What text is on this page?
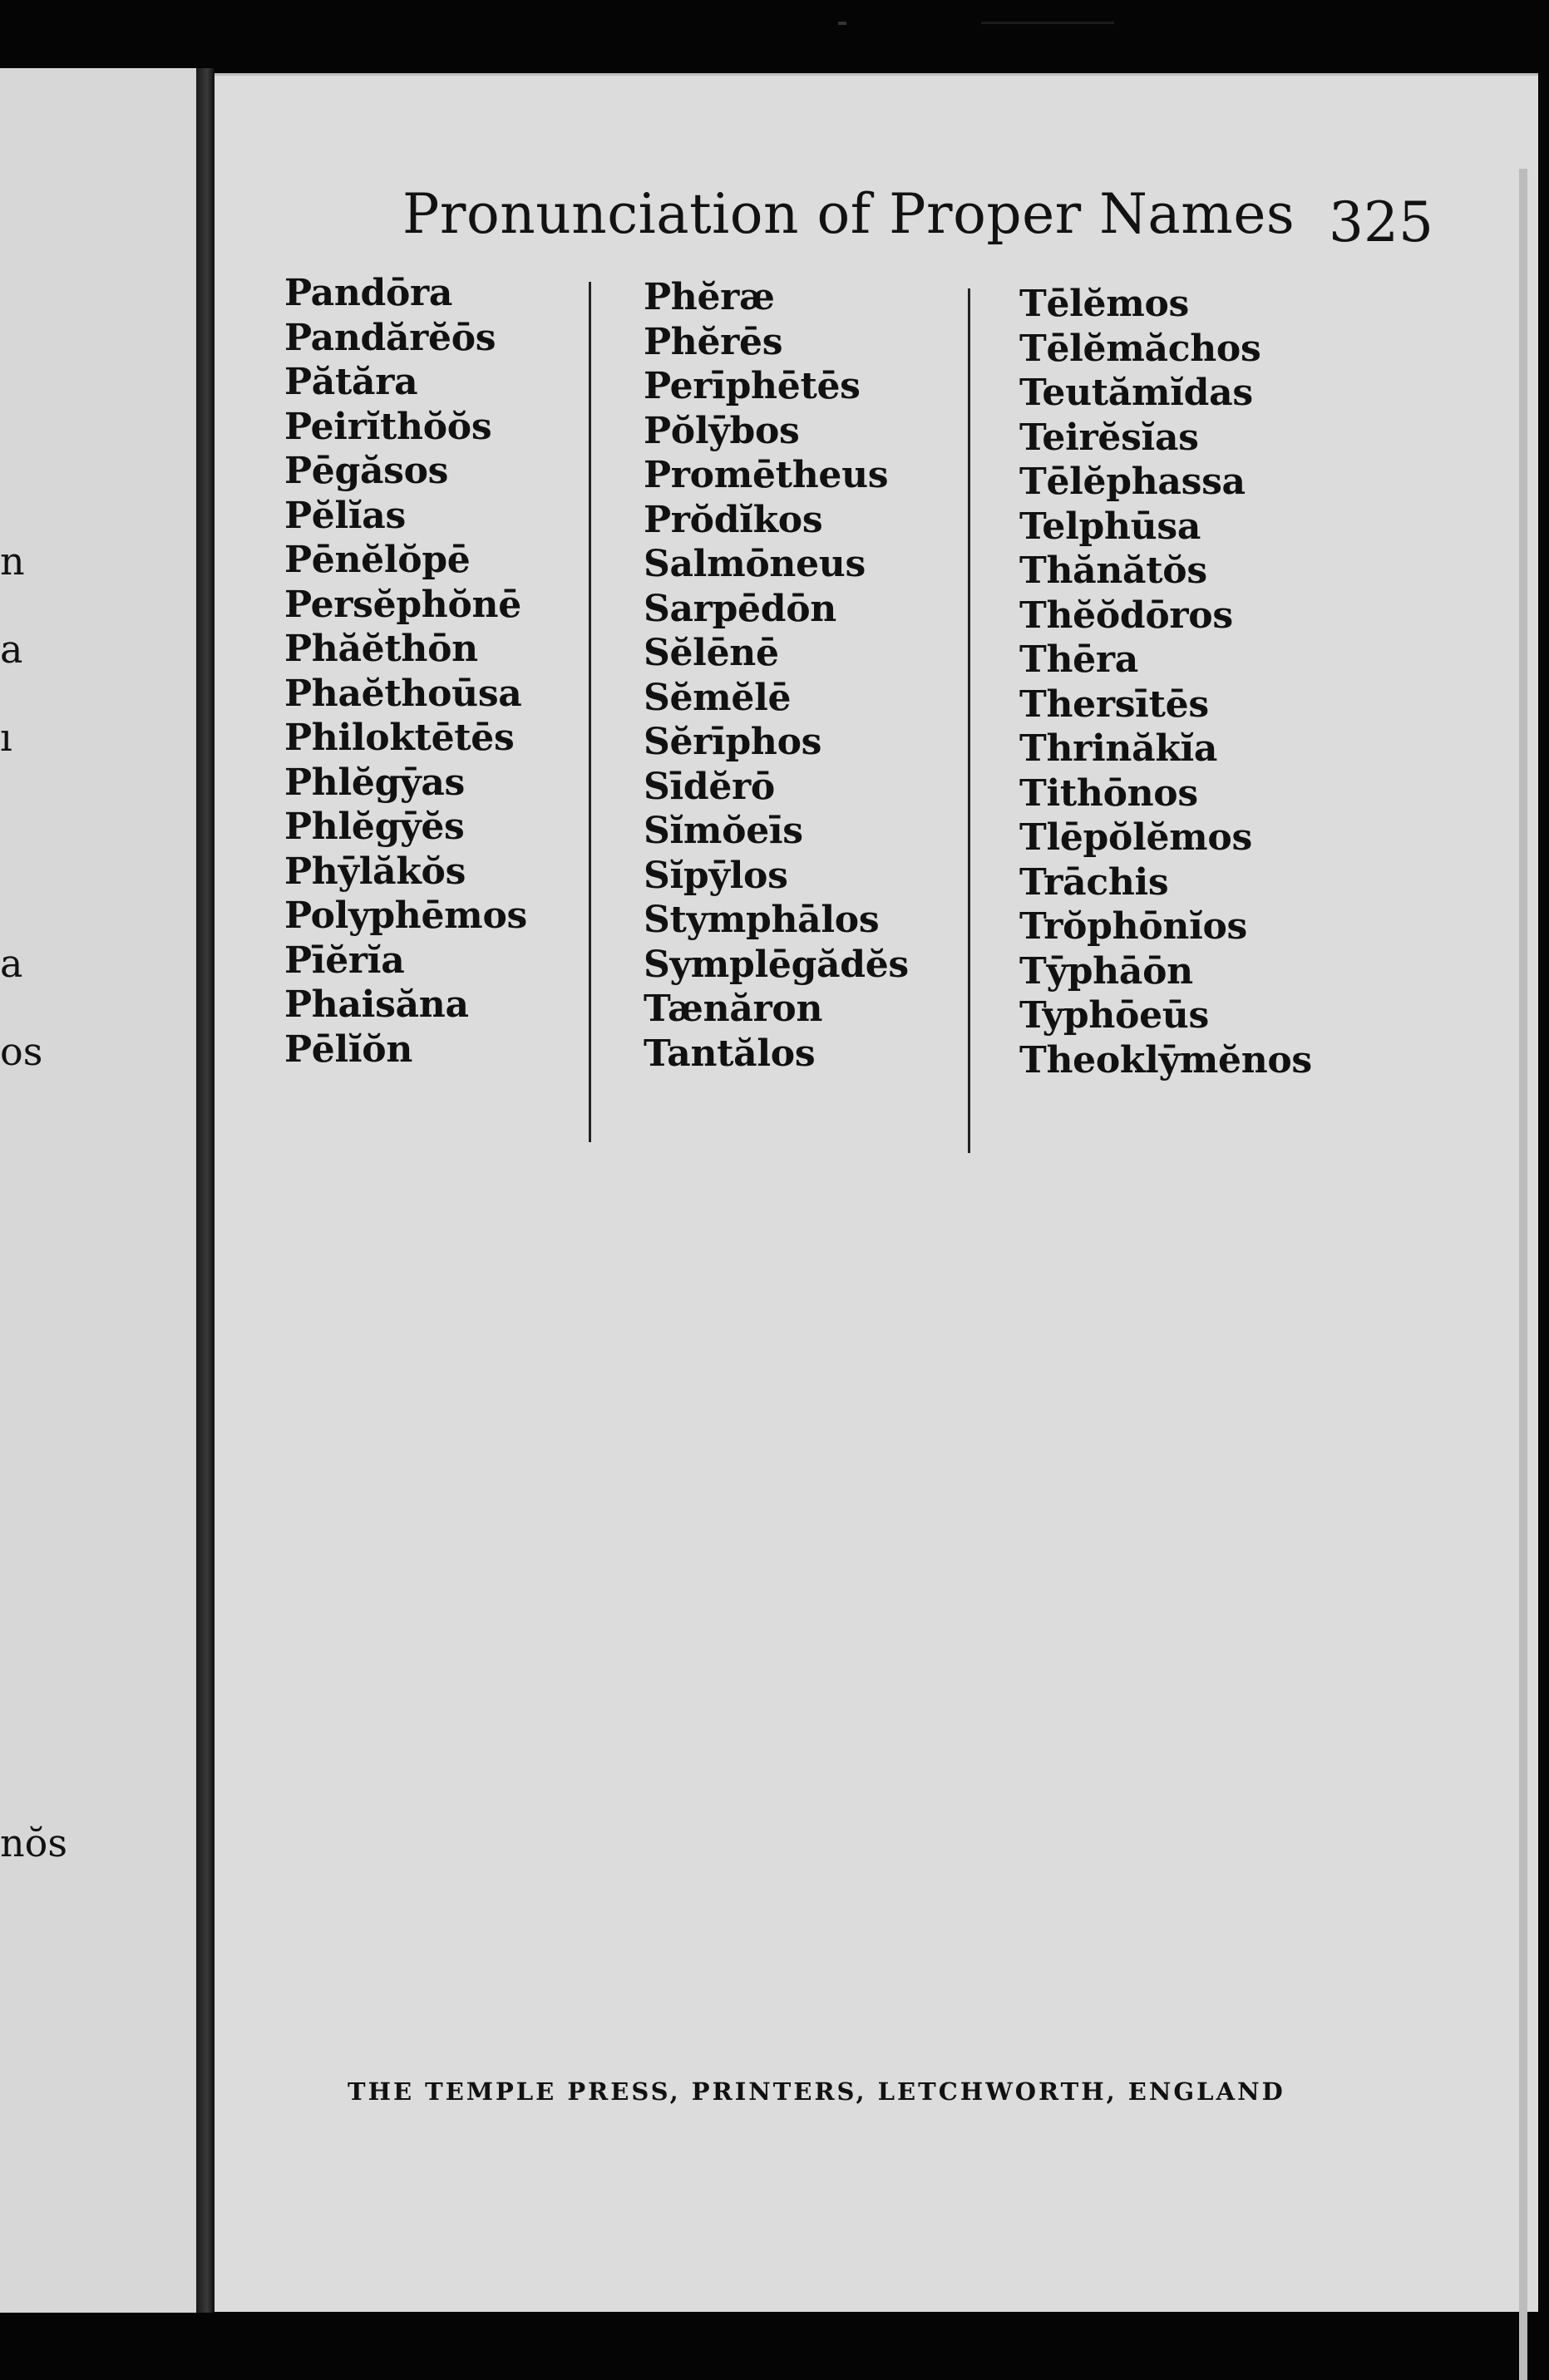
n
a
ı
a
os
nŏs
Pronunciation of Proper Names 325
Pandōra
Pandărĕōs
Pătăra
Peirĭthŏŏs
Pēgăsos
Pĕlĭas
Pēnĕlŏpē
Persĕphŏnē
Phăĕthōn
Phaĕthoūsa
Philoktētēs
Phlĕgȳas
Phlĕgȳĕs
Phȳlăkŏs
Polyphēmos
Pīĕrĭa
Phaisăna
Pēlĭŏn
Phĕræ
Phĕrēs
Perīphētēs
Pŏlȳbos
Promētheus
Prŏdĭkos
Salmōneus
Sarpēdōn
Sĕlēnē
Sĕmĕlē
Sĕrīphos
Sīdĕrō
Sĭmŏeīs
Sĭpȳlos
Stymphālos
Symplēgădĕs
Tænăron
Tantălos
Tēlĕmos
Tēlĕmăchos
Teutămĭdas
Teirĕsĭas
Tēlĕphassa
Telphūsa
Thănătŏs
Thĕŏdōros
Thēra
Thersītēs
Thrinăkĭa
Tithōnos
Tlēpŏlĕmos
Trāchis
Trŏphōnĭos
Tȳphāōn
Typhōeūs
Theoklȳmĕnos
THE TEMPLE PRESS, PRINTERS, LETCHWORTH, ENGLAND
